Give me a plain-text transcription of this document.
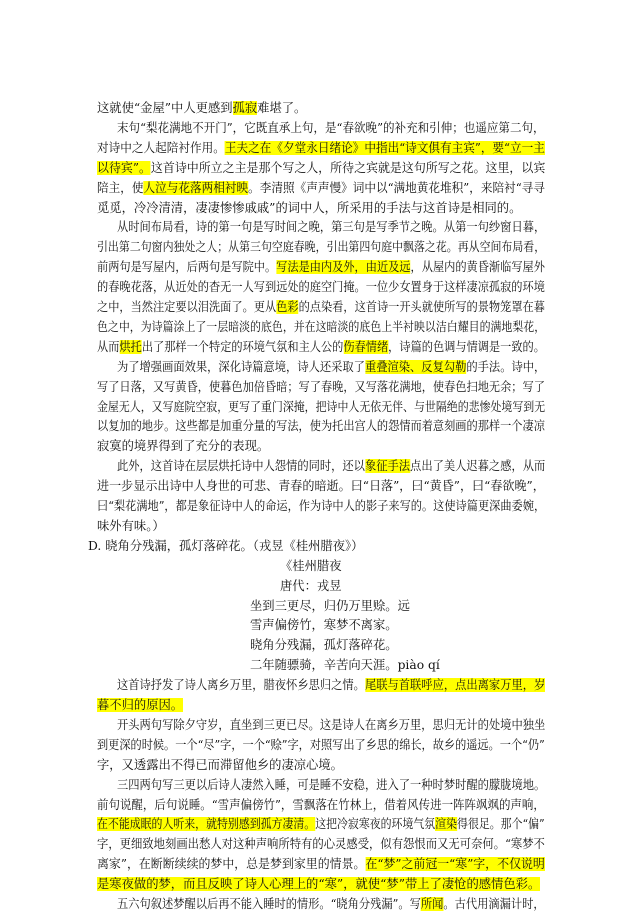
这就使“金屋”中人更感到孤寂难堪了。
末句“梨花满地不开门”，它既直承上句，是“春欲晚”的补充和引伸；也遥应第二句，
对诗中之人起陪衬作用。王夫之在《夕堂永日绪论》中指出“诗文俱有主宾”，要“立一主
以待宾”。这首诗中所立之主是那个写之人，所待之宾就是这句所写之花。这里，以宾
陪主，使人泣与花落两相衬映。李清照《声声慢》词中以“满地黄花堆积”，来陪衬“寻寻
觅觅，冷冷清清，凄凄惨惨戚戚”的词中人，所采用的手法与这首诗是相同的。
从时间布局看，诗的第一句是写时间之晚，第三句是写季节之晚。从第一句纱窗日暮，
引出第二句窗内独处之人；从第三句空庭春晚，引出第四句庭中飘落之花。再从空间布局看，
前两句是写屋内，后两句是写院中。写法是由内及外，由近及远，从屋内的黄昏渐临写屋外
的春晚花落，从近处的杳无一人写到远处的庭空门掩。一位少女置身于这样凄凉孤寂的环境
之中，当然注定要以泪洗面了。更从色彩的点染看，这首诗一开头就使所写的景物笼罩在暮
色之中，为诗篇涂上了一层暗淡的底色，并在这暗淡的底色上半衬映以洁白耀目的满地梨花，
从而烘托出了那样一个特定的环境气氛和主人公的伤春情绪，诗篇的色调与情调是一致的。
为了增强画面效果，深化诗篇意境，诗人还采取了重叠渲染、反复勾勒的手法。诗中，
写了日落，又写黄昏，使暮色加倍昏暗；写了春晚，又写落花满地，使春色扫地无余；写了
金屋无人，又写庭院空寂，更写了重门深掩，把诗中人无依无伴、与世隔绝的悲惨处境写到无
以复加的地步。这些都是加重分量的写法，使为托出宫人的怨情而着意刻画的那样一个凄凉
寂寞的境界得到了充分的表现。
此外，这首诗在层层烘托诗中人怨情的同时，还以象征手法点出了美人迟暮之感，从而
进一步显示出诗中人身世的可悲、青春的暗逝。曰“日落”，曰“黄昏”，曰“春欲晚”，
曰“梨花满地”，都是象征诗中人的命运，作为诗中人的影子来写的。这使诗篇更深曲委婉，
味外有味。）
D. 晓角分残漏，孤灯落碎花。（戎昱《桂州腊夜》）
《桂州腊夜
唐代：戎昱
坐到三更尽，归仍万里赊。远
雪声偏傍竹，寒梦不离家。
晓角分残漏，孤灯落碎花。
二年随骠骑，辛苦向天涯。piào qí
这首诗抒发了诗人离乡万里，腊夜怀乡思归之情。尾联与首联呼应，点出离家万里，岁
暮不归的原因。
开头两句写除夕守岁，直坐到三更已尽。这是诗人在离乡万里，思归无计的处境中独坐
到更深的时候。一个“尽”字，一个“赊”字，对照写出了乡思的绵长，故乡的遥远。一个“仍”
字，又透露出不得已而滞留他乡的凄凉心境。
三四两句写三更以后诗人凄然入睡，可是睡不安稳，进入了一种时梦时醒的朦胧境地。
前句说醒，后句说睡。“雪声偏傍竹”，雪飘落在竹林上，借着风传进一阵阵飒飒的声响，
在不能成眠的人听来，就特别感到孤方凄清。这把冷寂寒夜的环境气氛渲染得很足。那个“偏”
字，更细致地刻画出愁人对这种声响所特有的心灵感受，似有怨恨而又无可奈何。“寒梦不
离家”，在断断续续的梦中，总是梦到家里的情景。在“梦”之前冠一“寒”字，不仅说明
是寒夜做的梦，而且反映了诗人心理上的“寒”，就使“梦”带上了凄怆的感情色彩。
五六句叙述梦醒以后再不能入睡时的情形。“晓角分残漏”。写所闻。古代用滴漏计时，
